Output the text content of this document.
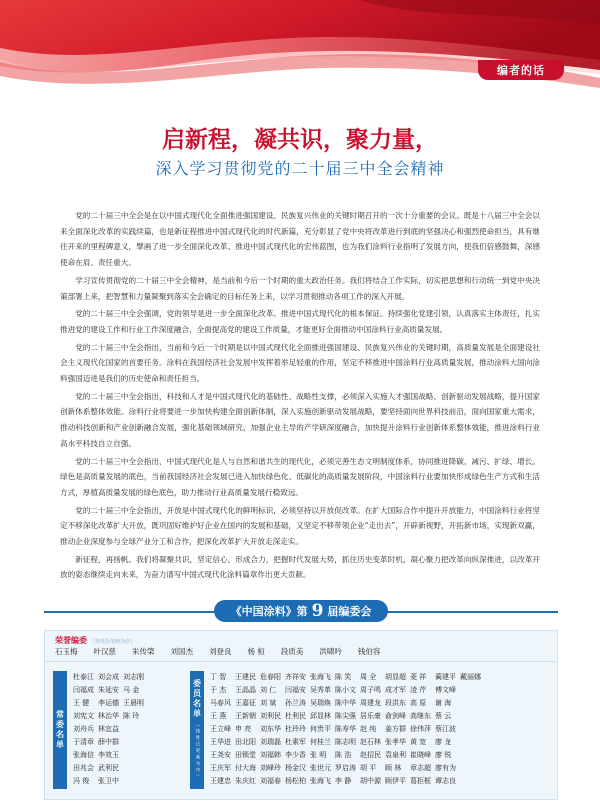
编者的话
启新程，凝共识，聚力量，
深入学习贯彻党的二十届三中全会精神

党的二十届三中全会是在以中国式现代化全面推进强国建设、民族复兴伟业的关键时期召开的一次十分重要的会议。既是十八届三中全会以来全面深化改革的实践续篇，也是新征程推进中国式现代化的时代新篇，充分彰显了党中央将改革进行到底的坚强决心和强烈使命担当，具有继往开来的里程碑意义，擘画了进一步全面深化改革、推进中国式现代化的宏伟蓝图，也为我们涂料行业指明了发展方向，使我们倍感鼓舞，深感使命在肩、责任重大。

学习宣传贯彻党的二十届三中全会精神，是当前和今后一个时期的重大政治任务。我们将结合工作实际，切实把思想和行动统一到党中央决策部署上来，把智慧和力量凝聚到落实全会确定的目标任务上来，以学习贯彻推动各项工作的深入开展。

党的二十届三中全会强调，党的领导是进一步全面深化改革、推进中国式现代化的根本保证。持续强化党建引领，认真落实主体责任，扎实推进党的建设工作和行业工作深度融合，全面提高党的建设工作质量，才能更好全面推动中国涂料行业高质量发展。

党的二十届三中全会指出，当前和今后一个时期是以中国式现代化全面推进强国建设、民族复兴伟业的关键时期，高质量发展是全面建设社会主义现代化国家的首要任务。涂料在我国经济社会发展中发挥着举足轻重的作用，坚定不移推进中国涂料行业高质量发展，推动涂料大国向涂料强国迈进是我们的历史使命和责任担当。

党的二十届三中全会指出，科技和人才是中国式现代化的基础性、战略性支撑，必须深入实施人才强国战略、创新驱动发展战略，提升国家创新体系整体效能。涂料行业将要进一步加快构建全面创新体制，深入实施创新驱动发展战略，要坚持面向世界科技前沿，面向国家重大需求，推动科技创新和产业创新融合发展，强化基础领域研究，加强企业主导的产学研深度融合，加快提升涂料行业创新体系整体效能，推进涂料行业高水平科技自立自强。

党的二十届三中全会指出，中国式现代化是人与自然和谐共生的现代化，必须完善生态文明制度体系，协同推进降碳、减污、扩绿、增长。绿色是高质量发展的底色，当前我国经济社会发展已进入加快绿色化、低碳化的高质量发展阶段，中国涂料行业要加快形成绿色生产方式和生活方式，厚植高质量发展的绿色底色，助力推动行业高质量发展行稳致远。

党的二十届三中全会指出，开放是中国式现代化的鲜明标识，必须坚持以开放促改革。在扩大国际合作中提升开放能力，中国涂料行业将坚定不移深化改革扩大开放，既巩固好维护好企业在国内的发展和基础，又坚定不移带领企业“走出去”，开辟新视野，开拓新市场，实现新双赢，推动企业深度参与全球产业分工和合作，把深化改革扩大开放走深走实。

新征程，再扬帆。我们将凝聚共识，坚定信心，形成合力，把握时代发展大势，抓住历史变革时机，凝心聚力把改革向纵深推进，以改革开放的姿态继续走向未来，为奋力谱写中国式现代化涂料篇章作出更大贡献。

《中国涂料》第 9 届编委会
荣誉编委 （按姓氏笔画为序）
石玉梅 叶汉慈 朱传棨 刘国杰 刘登良 杨 桓 段质美 洪啸吟 钱伯容
常委名单
杜泰江
闫福成
王 健
刘宪文
刘舟兵
于清章
张海信
田兆会
冯 俊
刘会成
朱延安
李运德
林治华
林宜益
薛中群
李效玉
武利民
张卫中
刘志刚
马 金
王晨明
陈 玲	委员名单
（按姓氏笔画为序）
丁 智
于 杰
马春风
王 燕
王立峰
王华进
王尧安
王庆军
王建忠
王建民
王晶晶
王嘉征
王新朝
申 亮
田北阳
田锁堂
付大海
朱庆红
危春阳
刘 仁
刘 斌
刘利民
刘东华
刘瑞磊
刘福韩
刘峰玲
刘福春
齐祥安
闫福安
孙兰涛
杜利民
杜玲玲
杜素军
李少香
杨金汉
杨松柏
张海飞
吴秀革
吴瑞焕
邱显林
何贵平
何桂兰
张 明
张世元
张海飞
陈 笑
陈小文
陈中华
陈尖强
陈寿华
陈志明
陈 浩
罗启涛
李 静
周 全
周子鸣
周建龙
居乐豪
赵 纯
赵石林
赵招民
胡 平
胡中源
胡显超
成才军
段洪东
俞剑峰
姜方群
张孝华
袁泉利
顾 林
顾伊平
菱 祥
凌 芹
高 原
高继东
徐伟萍
黄 宽
崔晓峰
章志超
葛拒框
蔺建平
傅文峰
谢 海
蔡 云
蔡江波
廖 龙
廖 锐
廖有为
谭志良
戴丽娜
